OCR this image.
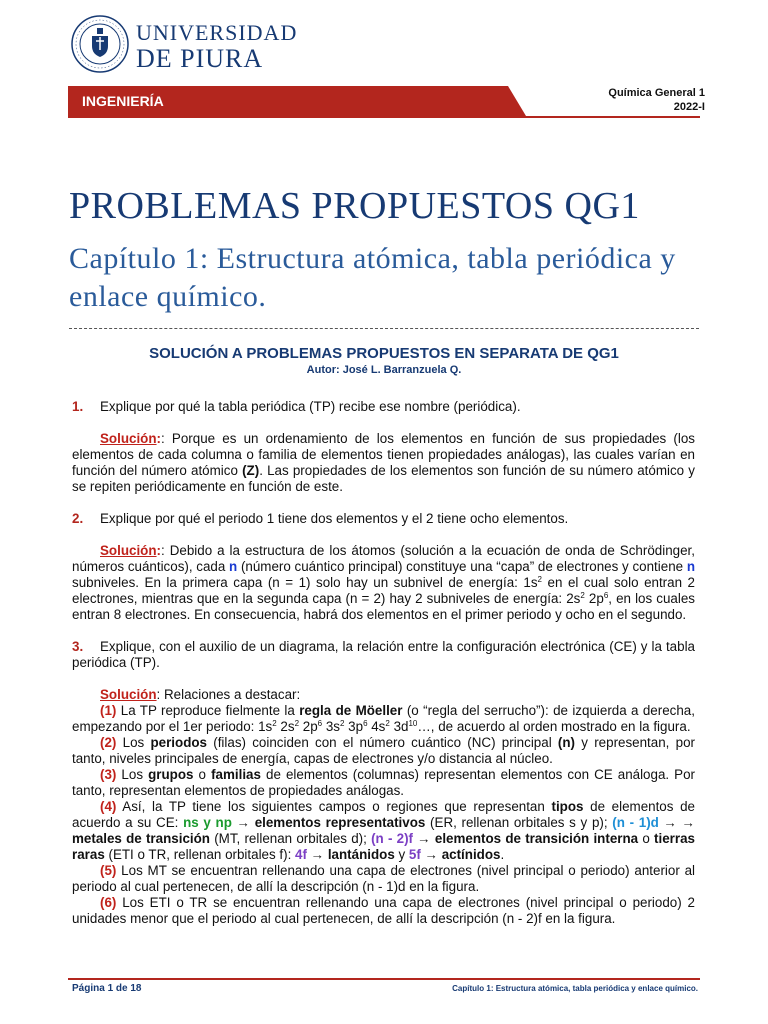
UNIVERSIDAD
DE PIURA
INGENIERÍA	Química General 1
2022-I
PROBLEMAS PROPUESTOS QG1
Capítulo 1: Estructura atómica, tabla periódica y enlace químico.
SOLUCIÓN A PROBLEMAS PROPUESTOS EN SEPARATA DE QG1
Autor: José L. Barranzuela Q.

1. Explique por qué la tabla periódica (TP) recibe ese nombre (periódica).

Solución:: Porque es un ordenamiento de los elementos en función de sus propiedades (los elementos de cada columna o familia de elementos tienen propiedades análogas), las cuales varían en función del número atómico (Z). Las propiedades de los elementos son función de su número atómico y se repiten periódicamente en función de este.

2. Explique por qué el periodo 1 tiene dos elementos y el 2 tiene ocho elementos.

Solución:: Debido a la estructura de los átomos (solución a la ecuación de onda de Schrödinger, números cuánticos), cada n (número cuántico principal) constituye una “capa” de electrones y contiene n subniveles. En la primera capa (n = 1) solo hay un subnivel de energía: $1s^2$ en el cual solo entran 2 electrones, mientras que en la segunda capa (n = 2) hay 2 subniveles de energía: $2s^2$ $2p^6$, en los cuales entran 8 electrones. En consecuencia, habrá dos elementos en el primer periodo y ocho en el segundo.

3. Explique, con el auxilio de un diagrama, la relación entre la configuración electrónica (CE) y la tabla periódica (TP).

Solución: Relaciones a destacar:

(1) La TP reproduce fielmente la regla de Möeller (o “regla del serrucho”): de izquierda a derecha, empezando por el 1er periodo: $1s^2$ $2s^2$ $2p^6$ $3s^2$ $3p^6$ $4s^2$ $3d^{10}\dots$, de acuerdo al orden mostrado en la figura.

(2) Los periodos (filas) coinciden con el número cuántico (NC) principal (n) y representan, por tanto, niveles principales de energía, capas de electrones y/o distancia al núcleo.

(3) Los grupos o familias de elementos (columnas) representan elementos con CE análoga. Por tanto, representan elementos de propiedades análogas.

(4) Así, la TP tiene los siguientes campos o regiones que representan tipos de elementos de acuerdo a su CE: ns y np → elementos representativos (ER, rellenan orbitales s y p); (n - 1)d → → metales de transición (MT, rellenan orbitales d); (n - 2)f → elementos de transición interna o tierras raras (ETI o TR, rellenan orbitales f): 4f → lantánidos y 5f → actínidos.

(5) Los MT se encuentran rellenando una capa de electrones (nivel principal o periodo) anterior al periodo al cual pertenecen, de allí la descripción (n - 1)d en la figura.

(6) Los ETI o TR se encuentran rellenando una capa de electrones (nivel principal o periodo) 2 unidades menor que el periodo al cual pertenecen, de allí la descripción (n - 2)f en la figura.

Página 1 de 18	Capítulo 1: Estructura atómica, tabla periódica y enlace químico.
